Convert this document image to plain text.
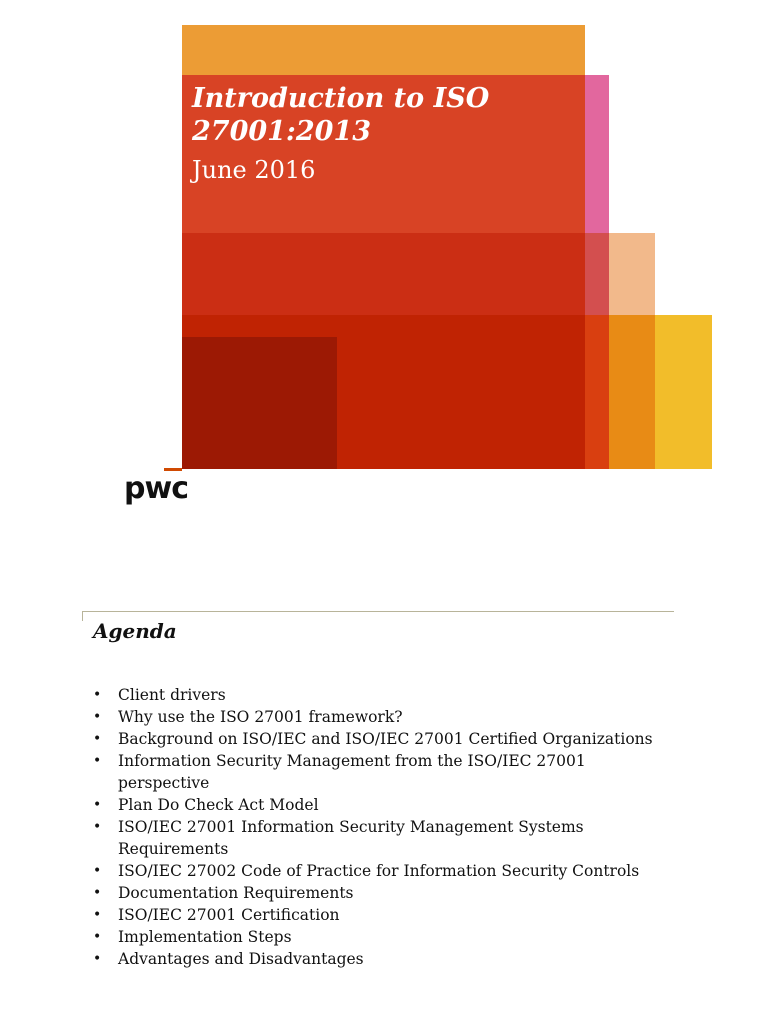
Introduction to ISO
27001:2013
June 2016
pwc
Agenda
• Client drivers
• Why use the ISO 27001 framework?
• Background on ISO/IEC and ISO/IEC 27001 Certified Organizations
• Information Security Management from the ISO/IEC 27001
perspective
• Plan Do Check Act Model
• ISO/IEC 27001 Information Security Management Systems
Requirements
• ISO/IEC 27002 Code of Practice for Information Security Controls
• Documentation Requirements
• ISO/IEC 27001 Certification
• Implementation Steps
• Advantages and Disadvantages
